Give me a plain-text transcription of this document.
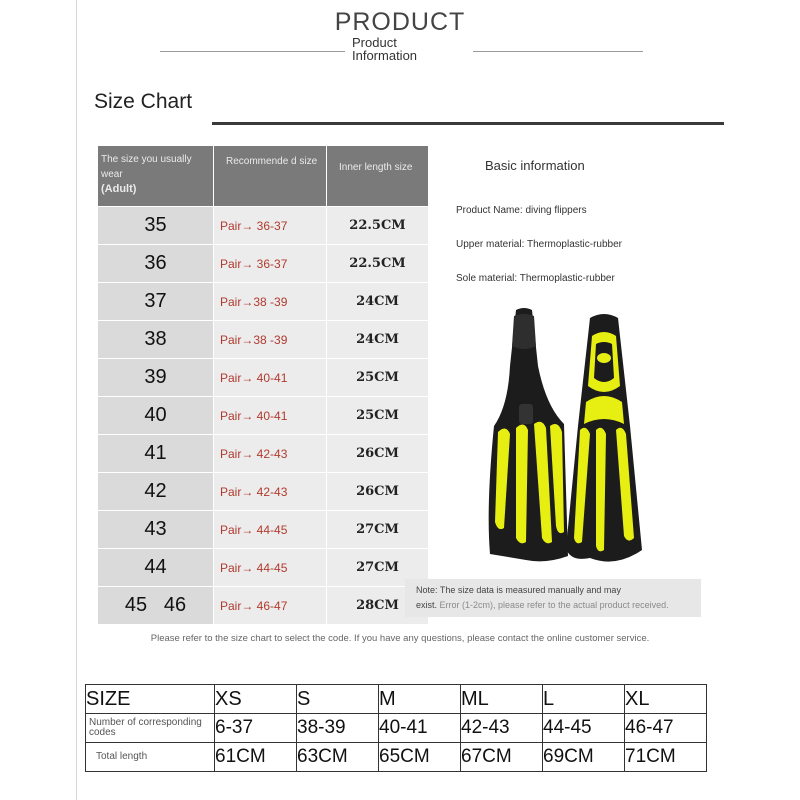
PRODUCT
Product
Information
Size Chart
The size you usually wear
(Adult)	Recommende d size	Inner length size
35	Pair→ 36-37	22.5CM
36	Pair→ 36-37	22.5CM
37	Pair→38 -39	24CM
38	Pair→38 -39	24CM
39	Pair→ 40-41	25CM
40	Pair→ 40-41	25CM
41	Pair→ 42-43	26CM
42	Pair→ 42-43	26CM
43	Pair→ 44-45	27CM
44	Pair→ 44-45	27CM
45   46	Pair→ 46-47	28CM
Basic information
Product Name: diving flippers
Upper material: Thermoplastic-rubber
Sole material: Thermoplastic-rubber
Note: The size data is measured manually and may
exist. Error (1-2cm), please refer to the actual product received.
Please refer to the size chart to select the code. If you have any questions, please contact the online customer service.
SIZE	XS	S	M	ML	L	XL
Number of corresponding codes	6-37	38-39	40-41	42-43	44-45	46-47
Total length	61CM	63CM	65CM	67CM	69CM	71CM
